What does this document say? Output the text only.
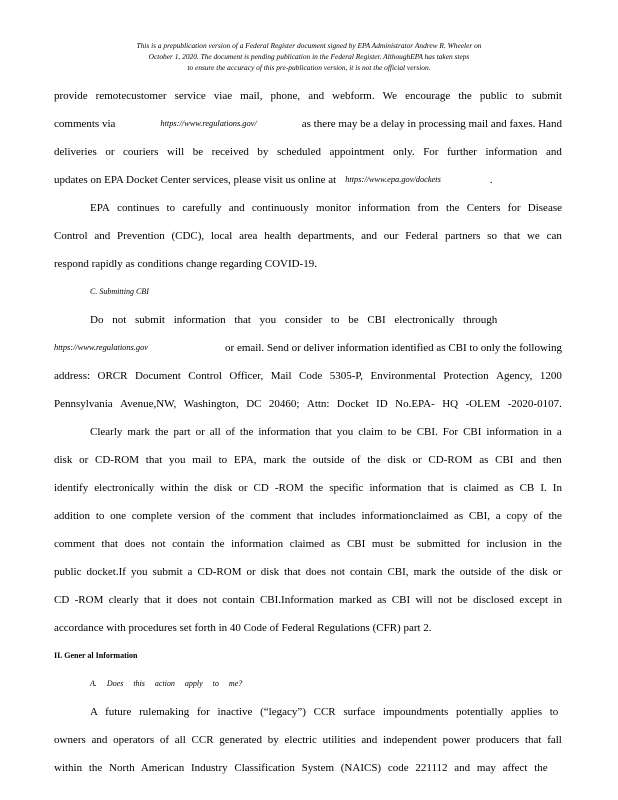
This is a prepublication version of a Federal Register document signed by EPA Administrator Andrew R. Wheeler on
October 1, 2020. The document is pending publication in the Federal Register. AlthoughEPA has taken steps
to ensure the accuracy of this pre-publication version, it is not the official version.
provide remotecustomer service viae mail, phone, and webform. We encourage the public to submit
comments via	https://www.regulations.gov/	as there may be a delay in processing mail and faxes. Hand
deliveries or couriers will be received by scheduled appointment only. For further information and
updates on EPA Docket Center services, please visit us online at https://www.epa.gov/dockets	.
EPA continues to carefully and continuously monitor information from the Centers for Disease
Control and Prevention (CDC), local area health departments, and our Federal partners so that we can
respond rapidly as conditions change regarding COVID-19.
C. Submitting CBI
Do not submit information that you consider to be CBI electronically through
https://www.regulations.gov	or email. Send or deliver information identified as CBI to only the following
address: ORCR Document Control Officer, Mail Code 5305-P, Environmental Protection Agency, 1200
Pennsylvania Avenue,NW, Washington, DC 20460; Attn: Docket ID No.EPA- HQ -OLEM -2020-0107.
Clearly mark the part or all of the information that you claim to be CBI. For CBI information in a
disk or CD-ROM that you mail to EPA, mark the outside of the disk or CD-ROM as CBI and then
identify electronically within the disk or CD -ROM the specific information that is claimed as CB I. In
addition to one complete version of the comment that includes informationclaimed as CBI, a copy of the
comment that does not contain the information claimed as CBI must be submitted for inclusion in the
public docket.If you submit a CD-ROM or disk that does not contain CBI, mark the outside of the disk or
CD -ROM clearly that it does not contain CBI.Information marked as CBI will not be disclosed except in
accordance with procedures set forth in 40 Code of Federal Regulations (CFR) part 2.
II. Gener al Information
A. Does this action apply to me?
A future rulemaking for inactive (“legacy”) CCR surface impoundments potentially applies to
owners and operators of all CCR generated by electric utilities and independent power producers that fall
within the North American Industry Classification System (NAICS) code 221112 and may affect the
